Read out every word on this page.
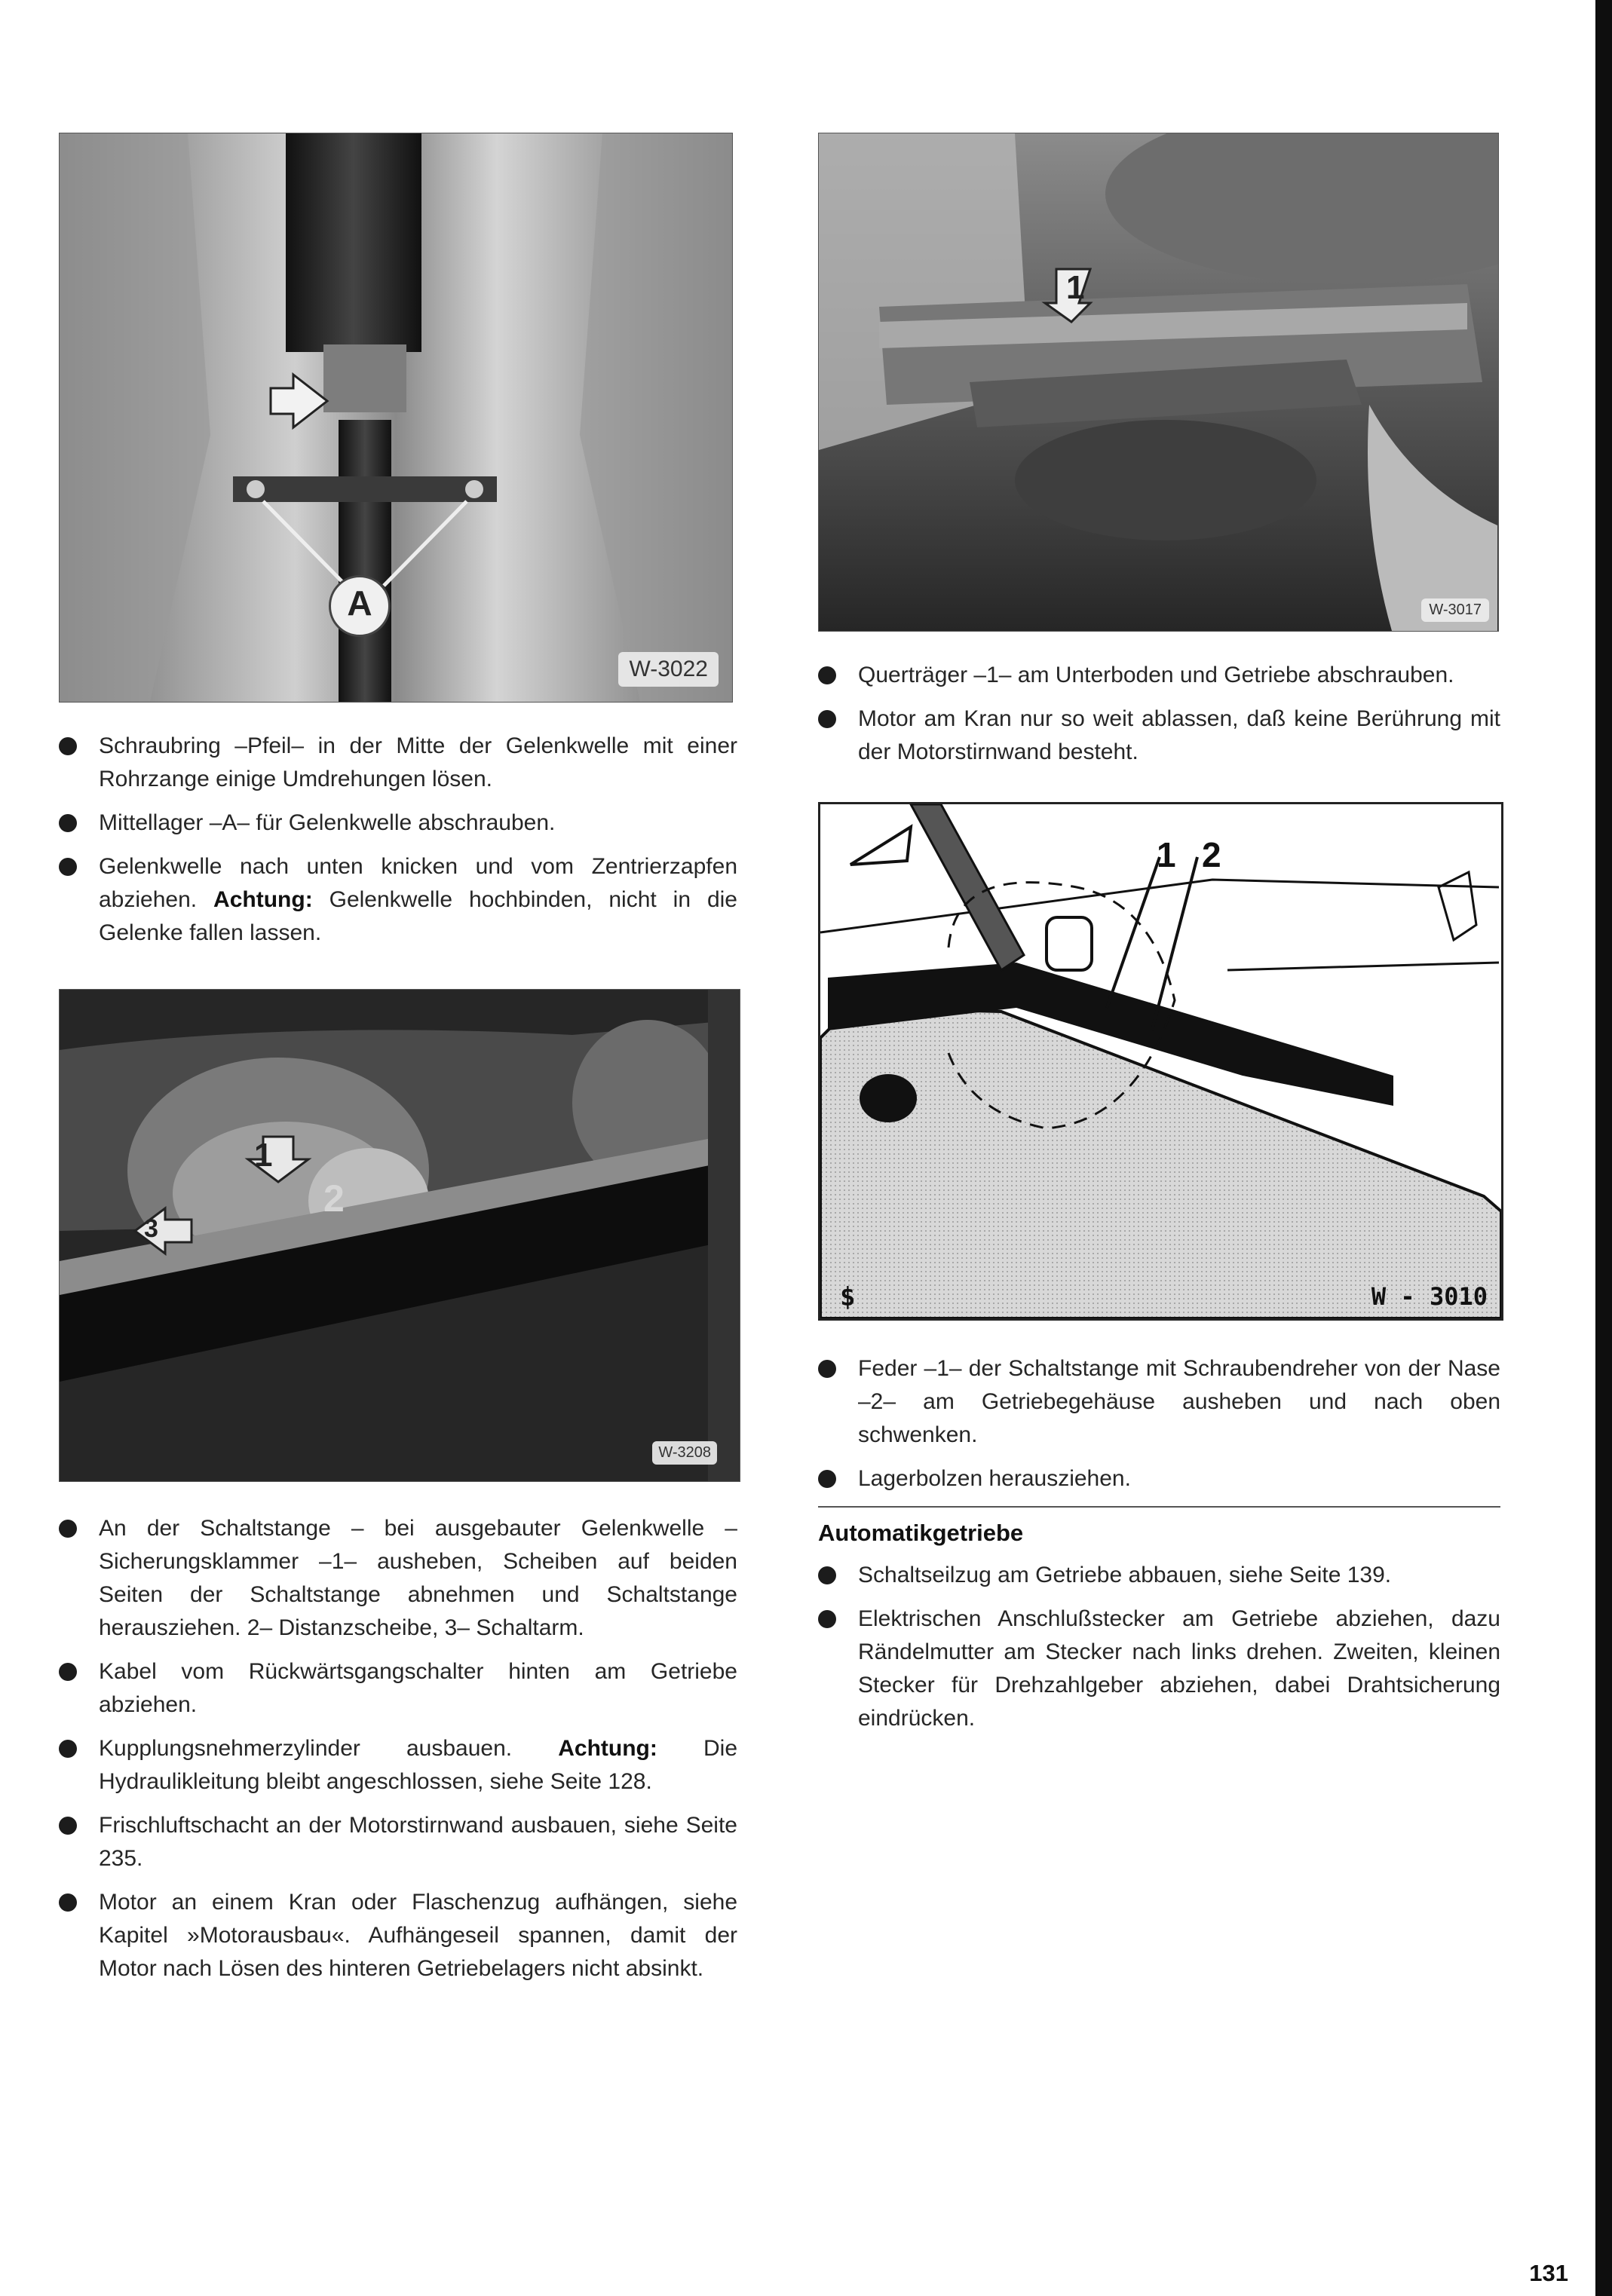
A
W-3022
Schraubring –Pfeil– in der Mitte der Gelenkwelle mit einer Rohrzange einige Umdrehungen lösen.
Mittellager –A– für Gelenkwelle abschrauben.
Gelenkwelle nach unten knicken und vom Zentrierzapfen abziehen. Achtung: Gelenkwelle hochbinden, nicht in die Gelenke fallen lassen.
1
2
3
W-3208
An der Schaltstange – bei ausgebauter Gelenkwelle – Sicherungsklammer –1– ausheben, Scheiben auf beiden Seiten der Schaltstange abnehmen und Schaltstange herausziehen. 2– Distanzscheibe, 3– Schaltarm.
Kabel vom Rückwärtsgangschalter hinten am Getriebe abziehen.
Kupplungsnehmerzylinder ausbauen. Achtung: Die Hydraulikleitung bleibt angeschlossen, siehe Seite 128.
Frischluftschacht an der Motorstirnwand ausbauen, siehe Seite 235.
Motor an einem Kran oder Flaschenzug aufhängen, siehe Kapitel »Motorausbau«. Aufhängeseil spannen, damit der Motor nach Lösen des hinteren Getriebelagers nicht absinkt.
1
W-3017
Querträger –1– am Unterboden und Getriebe abschrauben.
Motor am Kran nur so weit ablassen, daß keine Berührung mit der Motorstirnwand besteht.
1 2
$	W - 3010
Feder –1– der Schaltstange mit Schraubendreher von der Nase –2– am Getriebegehäuse ausheben und nach oben schwenken.
Lagerbolzen herausziehen.
Automatikgetriebe
Schaltseilzug am Getriebe abbauen, siehe Seite 139.
Elektrischen Anschlußstecker am Getriebe abziehen, dazu Rändelmutter am Stecker nach links drehen. Zweiten, kleinen Stecker für Drehzahlgeber abziehen, dabei Drahtsicherung eindrücken.
131
